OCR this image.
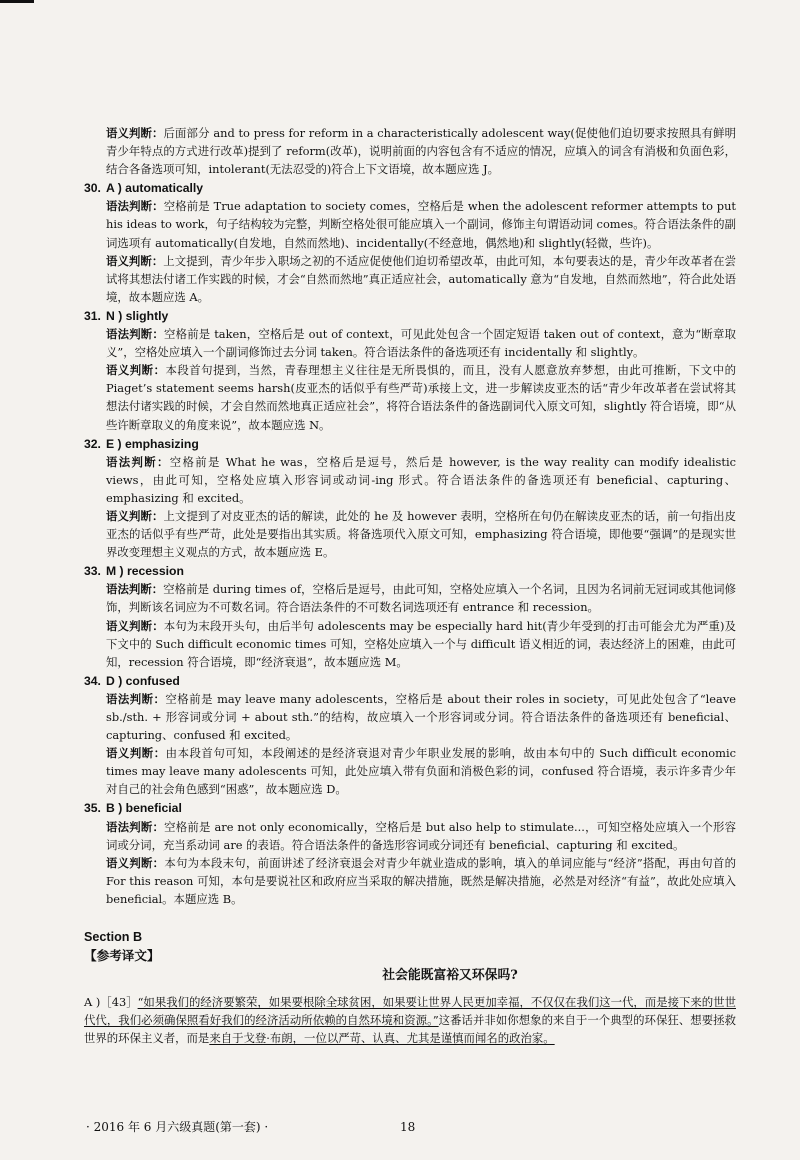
语义判断：后面部分 and to press for reform in a characteristically adolescent way(促使他们迫切要求按照具有鲜明青少年特点的方式进行改革)提到了 reform(改革)，说明前面的内容包含有不适应的情况，应填入的词含有消极和负面色彩，结合各备选项可知，intolerant(无法忍受的)符合上下文语境，故本题应选 J。

30. A ) automatically

语法判断：空格前是 True adaptation to society comes，空格后是 when the adolescent reformer attempts to put his ideas to work，句子结构较为完整，判断空格处很可能应填入一个副词，修饰主句谓语动词 comes。符合语法条件的副词选项有 automatically(自发地，自然而然地)、incidentally(不经意地，偶然地)和 slightly(轻微，些许)。

语义判断：上文提到，青少年步入职场之初的不适应促使他们迫切希望改革，由此可知，本句要表达的是，青少年改革者在尝试将其想法付诸工作实践的时候，才会“自然而然地”真正适应社会，automatically 意为“自发地，自然而然地”，符合此处语境，故本题应选 A。

31. N ) slightly

语法判断：空格前是 taken，空格后是 out of context，可见此处包含一个固定短语 taken out of context，意为“断章取义”，空格处应填入一个副词修饰过去分词 taken。符合语法条件的备选项还有 incidentally 和 slightly。

语义判断：本段首句提到，当然，青春理想主义往往是无所畏惧的，而且，没有人愿意放弃梦想，由此可推断，下文中的 Piaget’s statement seems harsh(皮亚杰的话似乎有些严苛)承接上文，进一步解读皮亚杰的话“青少年改革者在尝试将其想法付诸实践的时候，才会自然而然地真正适应社会”，将符合语法条件的备选副词代入原文可知，slightly 符合语境，即“从些许断章取义的角度来说”，故本题应选 N。

32. E ) emphasizing

语法判断：空格前是 What he was，空格后是逗号，然后是 however, is the way reality can modify idealistic views，由此可知，空格处应填入形容词或动词-ing 形式。符合语法条件的备选项还有 beneficial、capturing、emphasizing 和 excited。

语义判断：上文提到了对皮亚杰的话的解读，此处的 he 及 however 表明，空格所在句仍在解读皮亚杰的话，前一句指出皮亚杰的话似乎有些严苛，此处是要指出其实质。将备选项代入原文可知，emphasizing 符合语境，即他要“强调”的是现实世界改变理想主义观点的方式，故本题应选 E。

33. M ) recession

语法判断：空格前是 during times of，空格后是逗号，由此可知，空格处应填入一个名词，且因为名词前无冠词或其他词修饰，判断该名词应为不可数名词。符合语法条件的不可数名词选项还有 entrance 和 recession。

语义判断：本句为末段开头句，由后半句 adolescents may be especially hard hit(青少年受到的打击可能会尤为严重)及下文中的 Such difficult economic times 可知，空格处应填入一个与 difficult 语义相近的词，表达经济上的困难，由此可知，recession 符合语境，即“经济衰退”，故本题应选 M。

34. D ) confused

语法判断：空格前是 may leave many adolescents，空格后是 about their roles in society，可见此处包含了“leave sb./sth. + 形容词或分词 + about sth.”的结构，故应填入一个形容词或分词。符合语法条件的备选项还有 beneficial、capturing、confused 和 excited。

语义判断：由本段首句可知，本段阐述的是经济衰退对青少年职业发展的影响，故由本句中的 Such difficult economic times may leave many adolescents 可知，此处应填入带有负面和消极色彩的词，confused 符合语境，表示许多青少年对自己的社会角色感到“困惑”，故本题应选 D。

35. B ) beneficial

语法判断：空格前是 are not only economically，空格后是 but also help to stimulate...，可知空格处应填入一个形容词或分词，充当系动词 are 的表语。符合语法条件的备选形容词或分词还有 beneficial、capturing 和 excited。

语义判断：本句为本段末句，前面讲述了经济衰退会对青少年就业造成的影响，填入的单词应能与“经济”搭配，再由句首的 For this reason 可知，本句是要说社区和政府应当采取的解决措施，既然是解决措施，必然是对经济“有益”，故此处应填入 beneficial。本题应选 B。

Section B
【参考译文】
社会能既富裕又环保吗?

A )［43］“如果我们的经济要繁荣，如果要根除全球贫困，如果要让世界人民更加幸福，不仅仅在我们这一代，而是接下来的世世代代，我们必须确保照看好我们的经济活动所依赖的自然环境和资源。”这番话并非如你想象的来自于一个典型的环保狂、想要拯救世界的环保主义者，而是来自于戈登·布朗，一位以严苛、认真、尤其是谨慎而闻名的政治家。

· 2016 年 6 月六级真题(第一套) ·	18
